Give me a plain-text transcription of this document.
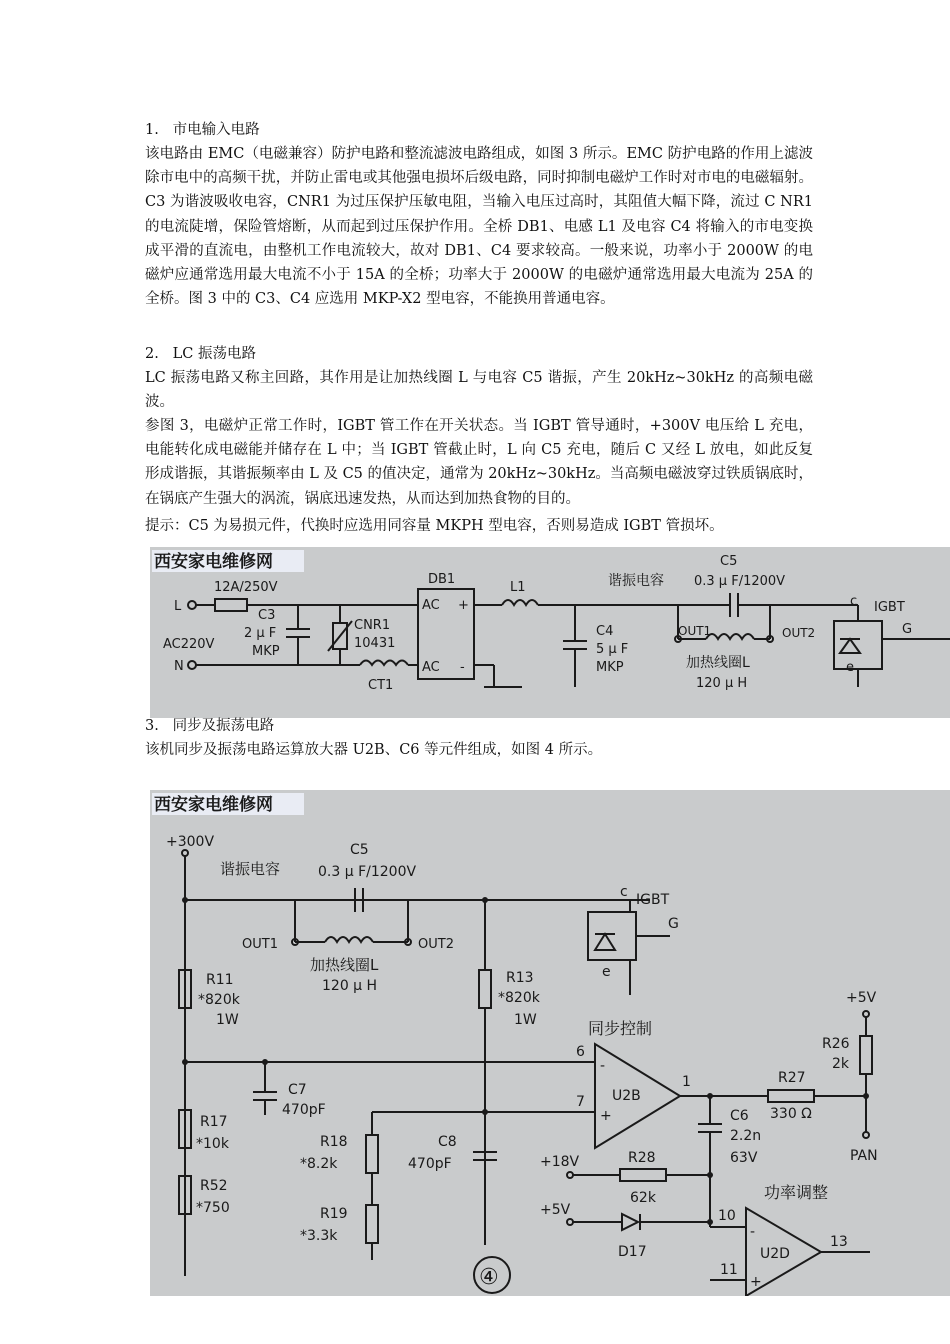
1.   市电输入电路

该电路由 EMC（电磁兼容）防护电路和整流滤波电路组成，如图 3 所示。EMC 防护电路的作用上滤波除市电中的高频干扰，并防止雷电或其他强电损坏后级电路，同时抑制电磁炉工作时对市电的电磁辐射。C3 为谐波吸收电容，CNR1 为过压保护压敏电阻，当输入电压过高时，其阻值大幅下降，流过 C NR1 的电流陡增，保险管熔断，从而起到过压保护作用。全桥 DB1、电感 L1 及电容 C4 将输入的市电变换成平滑的直流电，由整机工作电流较大，故对 DB1、C4 要求较高。一般来说，功率小于 2000W 的电磁炉应通常选用最大电流不小于 15A 的全桥；功率大于 2000W 的电磁炉通常选用最大电流为 25A 的全桥。图 3 中的 C3、C4 应选用 MKP-X2 型电容，不能换用普通电容。

2.   LC 振荡电路

LC 振荡电路又称主回路，其作用是让加热线圈 L 与电容 C5 谐振，产生 20kHz~30kHz 的高频电磁波。

参图 3，电磁炉正常工作时，IGBT 管工作在开关状态。当 IGBT 管导通时，+300V 电压给 L 充电，电能转化成电磁能并储存在 L 中；当 IGBT 管截止时，L 向 C5 充电，随后 C 又经 L 放电，如此反复形成谐振，其谐振频率由 L 及 C5 的值决定，通常为 20kHz~30kHz。当高频电磁波穿过铁质锅底时，在锅底产生强大的涡流，锅底迅速发热，从而达到加热食物的目的。

提示：C5 为易损元件，代换时应选用同容量 MKPH 型电容，否则易造成 IGBT 管损坏。

西安家电维修网
12A/250V
L
AC220V
N
C3
2 μ F
MKP
CNR1
10431
CT1
DB1
AC
AC
+
-
L1
C4
5 μ F
MKP
C5
谐振电容 0.3 μ F/1200V
OUT1	OUT2
加热线圈L
120 μ H
c IGBT
G
e
3.   同步及振荡电路

该机同步及振荡电路运算放大器 U2B、C6 等元件组成，如图 4 所示。

西安家电维修网
+300V
谐振电容
C5
0.3 μ F/1200V
c IGBT
G
e
OUT1	OUT2
加热线圈L
120 μ H
R11
*820k
1W
R13
*820k
1W	同步控制
+5V
R26
2k
6
7
1
U2B
-
+
C7
470pF
R27
330 Ω
R17
*10k	R18
*8.2k
C8
470pF
C6
2.2n
63V	PAN
+18V	R28
62k	功率调整
R52
*750	R19
*3.3k
+5V	10
D17	U2D
-
+
13
11
④
